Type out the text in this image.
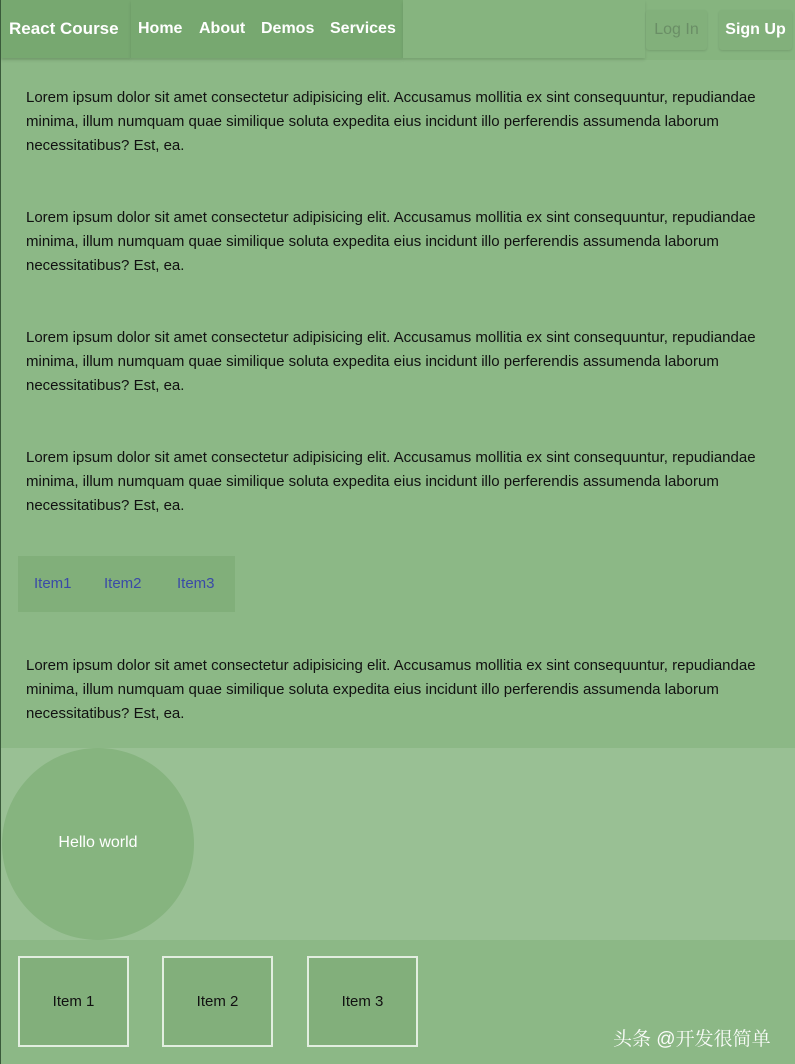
React Course Home About Demos Services	Log In	Sign Up

Lorem ipsum dolor sit amet consectetur adipisicing elit. Accusamus mollitia ex sint consequuntur, repudiandae minima, illum numquam quae similique soluta expedita eius incidunt illo perferendis assumenda laborum necessitatibus? Est, ea.

Lorem ipsum dolor sit amet consectetur adipisicing elit. Accusamus mollitia ex sint consequuntur, repudiandae minima, illum numquam quae similique soluta expedita eius incidunt illo perferendis assumenda laborum necessitatibus? Est, ea.

Lorem ipsum dolor sit amet consectetur adipisicing elit. Accusamus mollitia ex sint consequuntur, repudiandae minima, illum numquam quae similique soluta expedita eius incidunt illo perferendis assumenda laborum necessitatibus? Est, ea.

Lorem ipsum dolor sit amet consectetur adipisicing elit. Accusamus mollitia ex sint consequuntur, repudiandae minima, illum numquam quae similique soluta expedita eius incidunt illo perferendis assumenda laborum necessitatibus? Est, ea.

Item1 Item2 Item3

Lorem ipsum dolor sit amet consectetur adipisicing elit. Accusamus mollitia ex sint consequuntur, repudiandae minima, illum numquam quae similique soluta expedita eius incidunt illo perferendis assumenda laborum necessitatibus? Est, ea.

Hello world
Item 1	Item 2	Item 3
头条 @开发很简单
